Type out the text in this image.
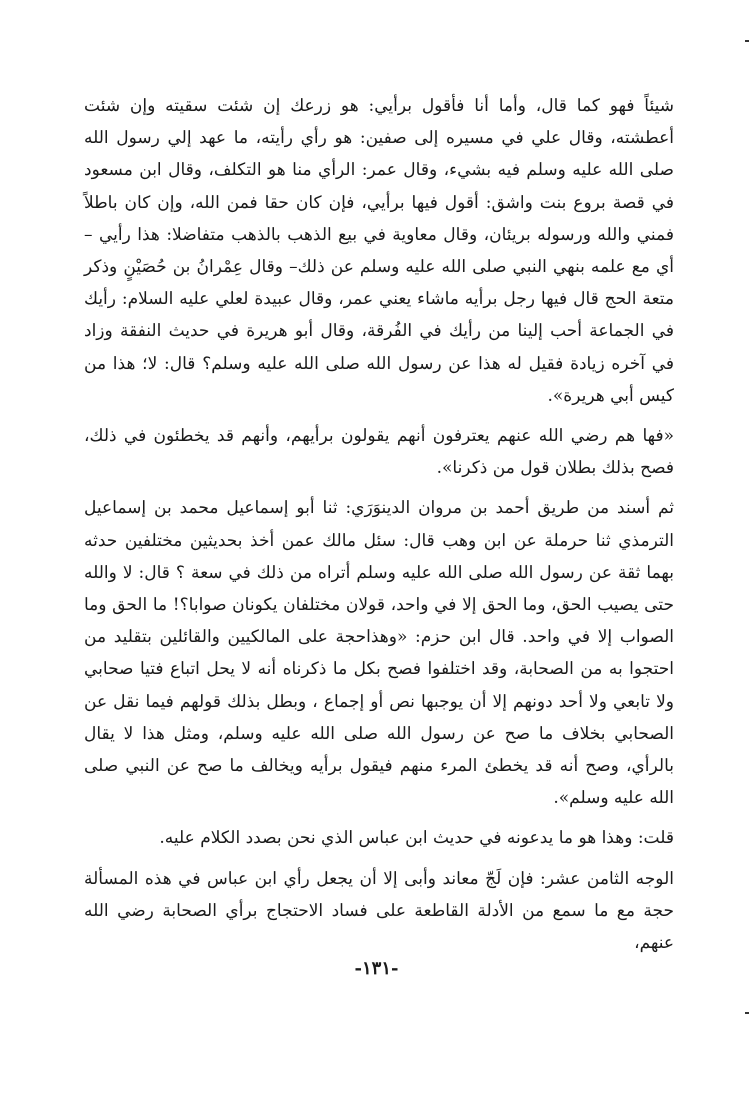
شيئاً فهو كما قال، وأما أنا فأقول برأيي: هو زرعك إن شئت سقيته وإن شئت أعطشته، وقال علي في مسيره إلى صفين: هو رأي رأيته، ما عهد إلي رسول الله صلى الله عليه وسلم فيه بشيء، وقال عمر: الرأي منا هو التكلف، وقال ابن مسعود في قصة بروع بنت واشق: أقول فيها برأيي، فإن كان حقا فمن الله، وإن كان باطلاً فمني والله ورسوله بريئان، وقال معاوية في بيع الذهب بالذهب متفاضلا: هذا رأيي – أي مع علمه بنهي النبي صلى الله عليه وسلم عن ذلك– وقال عِمْرانُ بن حُصَيْنٍ وذكر متعة الحج قال فيها رجل برأيه ماشاء يعني عمر، وقال عبيدة لعلي عليه السلام: رأيك في الجماعة أحب إلينا من رأيك في الفُرقة، وقال أبو هريرة في حديث النفقة وزاد في آخره زيادة فقيل له هذا عن رسول الله صلى الله عليه وسلم؟ قال: لا؛ هذا من كيس أبي هريرة».

«فها هم رضي الله عنهم يعترفون أنهم يقولون برأيهم، وأنهم قد يخطئون في ذلك، فصح بذلك بطلان قول من ذكرنا».

ثم أسند من طريق أحمد بن مروان الدينوَرَي: ثنا أبو إسماعيل محمد بن إسماعيل الترمذي ثنا حرملة عن ابن وهب قال: سئل مالك عمن أخذ بحديثين مختلفين حدثه بهما ثقة عن رسول الله صلى الله عليه وسلم أتراه من ذلك في سعة ؟ قال: لا والله حتى يصيب الحق، وما الحق إلا في واحد، قولان مختلفان يكونان صوابا؟! ما الحق وما الصواب إلا في واحد. قال ابن حزم: «وهذاحجة على المالكيين والقائلين بتقليد من احتجوا به من الصحابة، وقد اختلفوا فصح بكل ما ذكرناه أنه لا يحل اتباع فتيا صحابي ولا تابعي ولا أحد دونهم إلا أن يوجبها نص أو إجماع ، وبطل بذلك قولهم فيما نقل عن الصحابي بخلاف ما صح عن رسول الله صلى الله عليه وسلم، ومثل هذا لا يقال بالرأي، وصح أنه قد يخطئ المرء منهم فيقول برأيه ويخالف ما صح عن النبي صلى الله عليه وسلم».

قلت: وهذا هو ما يدعونه في حديث ابن عباس الذي نحن بصدد الكلام عليه.

الوجه الثامن عشر: فإن لَجّ معاند وأبى إلا أن يجعل رأي ابن عباس في هذه المسألة حجة مع ما سمع من الأدلة القاطعة على فساد الاحتجاج برأي الصحابة رضي الله عنهم،

-١٣١-
